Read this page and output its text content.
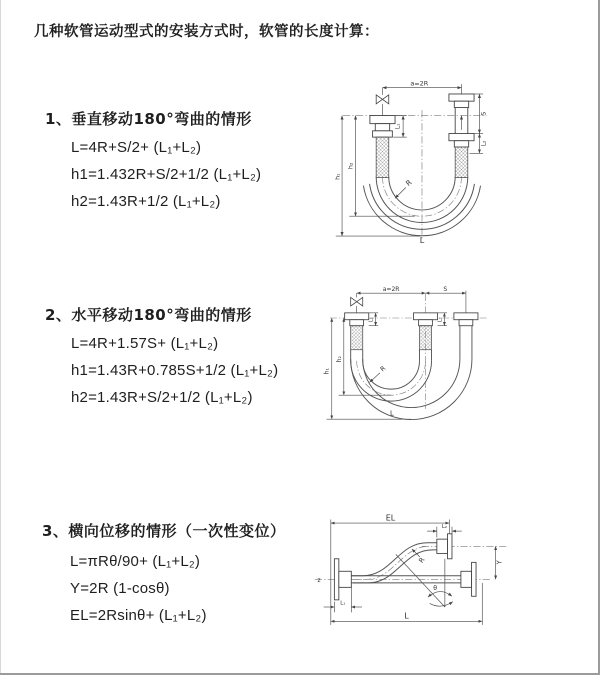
几种软管运动型式的安装方式时，软管的长度计算：

1、垂直移动180°弯曲的情形

L=4R+S/2+ (L₁+L₂)

h1=1.432R+S/2+1/2 (L₁+L₂)

h2=1.43R+1/2 (L₁+L₂)

2、水平移动180°弯曲的情形

L=4R+1.57S+ (L₁+L₂)

h1=1.43R+0.785S+1/2 (L₁+L₂)

h2=1.43R+S/2+1/2 (L₁+L₂)

3、横向位移的情形（一次性变位）

L=πRθ/90+ (L₁+L₂)

Y=2R (1-cosθ)

EL=2Rsinθ+ (L₁+L₂)

a=2R
S
L₂
L₁
h₂
h₁
R
L
a=2R	S
L₁	L₂
h₂
h₁	R
L
θ
EL
L₂
Y
L
L₁
R
z
